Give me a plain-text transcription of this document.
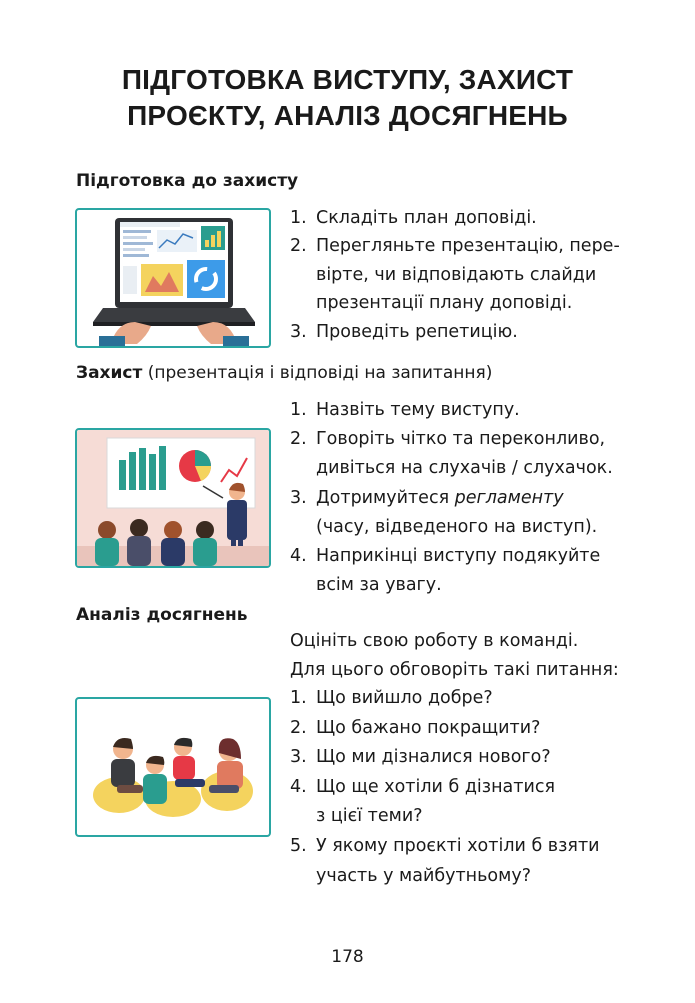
ПІДГОТОВКА ВИСТУПУ, ЗАХИСТ
ПРОЄКТУ, АНАЛІЗ ДОСЯГНЕНЬ
Підготовка до захисту
1. Складіть план доповіді.
2. Перегляньте презентацію, пере-
вірте, чи відповідають слайди
презентації плану доповіді.
3. Проведіть репетицію.
Захист (презентація і відповіді на запитання)
1. Назвіть тему виступу.
2. Говоріть чітко та переконливо,
дивіться на слухачів / слухачок.
3. Дотримуйтеся регламенту
(часу, відведеного на виступ).
4. Наприкінці виступу подякуйте
всім за увагу.
Аналіз досягнень

Оцініть свою роботу в команді.
Для цього обговоріть такі питання:

1. Що вийшло добре?
2. Що бажано покращити?
3. Що ми дізналися нового?
4. Що ще хотіли б дізнатися
з цієї теми?
5. У якому проєкті хотіли б взяти
участь у майбутньому?
178
